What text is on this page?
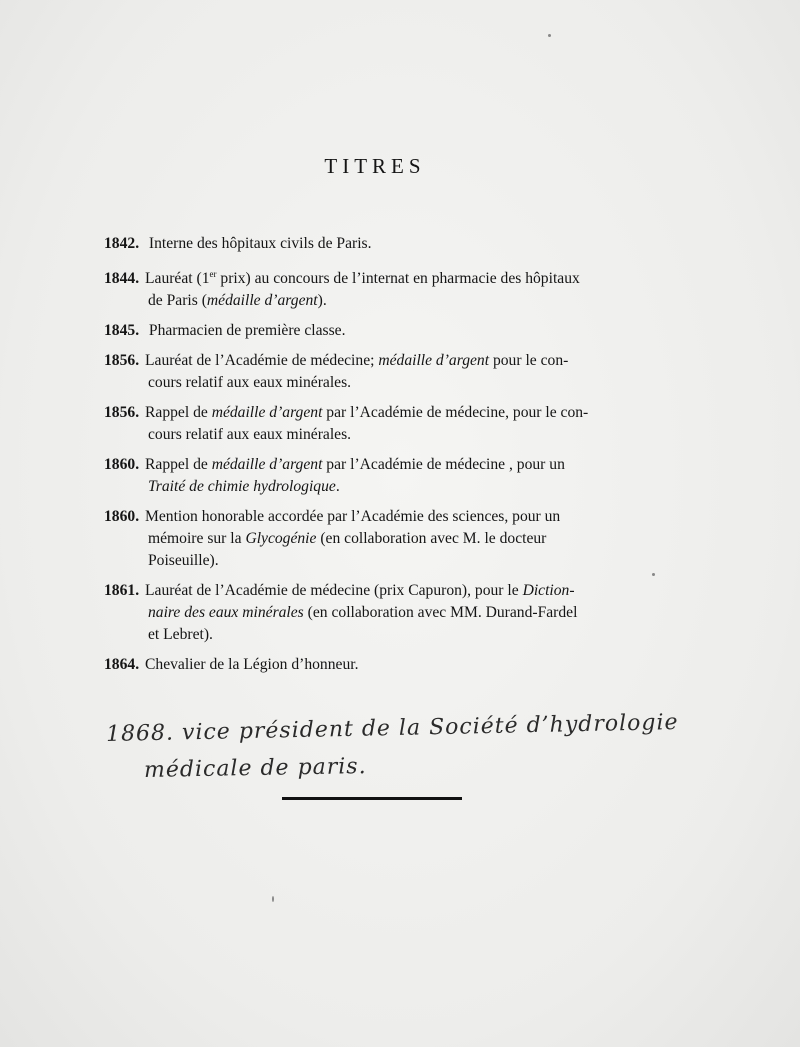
TITRES
1842. Interne des hôpitaux civils de Paris.
1844. Lauréat (1er prix) au concours de l’internat en pharmacie des hôpitaux
de Paris (médaille d’argent).
1845. Pharmacien de première classe.
1856. Lauréat de l’Académie de médecine; médaille d’argent pour le con-
cours relatif aux eaux minérales.
1856. Rappel de médaille d’argent par l’Académie de médecine, pour le con-
cours relatif aux eaux minérales.
1860. Rappel de médaille d’argent par l’Académie de médecine , pour un
Traité de chimie hydrologique.
1860. Mention honorable accordée par l’Académie des sciences, pour un
mémoire sur la Glycogénie (en collaboration avec M. le docteur
Poiseuille).
1861. Lauréat de l’Académie de médecine (prix Capuron), pour le Diction-
naire des eaux minérales (en collaboration avec MM. Durand-Fardel
et Lebret).
1864. Chevalier de la Légion d’honneur.
1868. vice président de la Société d’hydrologie
médicale de paris.
